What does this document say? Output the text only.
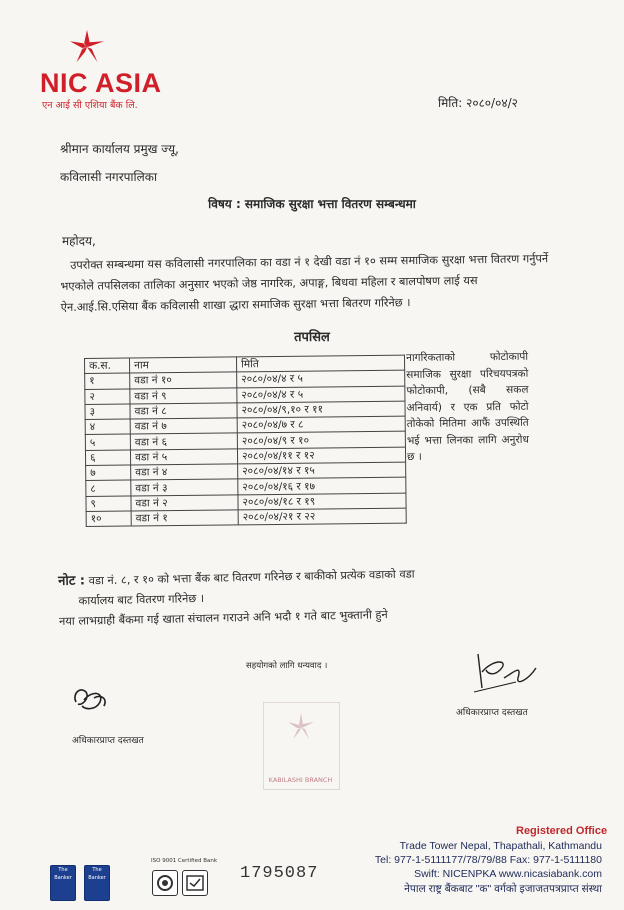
NIC ASIA
एन आई सी एशिया बैंक लि.	मिति: २०८०/०४/२
श्रीमान कार्यालय प्रमुख ज्यू,
कविलासी नगरपालिका
विषय : समाजिक सुरक्षा भत्ता वितरण सम्बन्धमा
महोदय,
उपरोक्त सम्बन्धमा यस कविलासी नगरपालिका का वडा नं १ देखी वडा नं १० सम्म समाजिक सुरक्षा भत्ता वितरण गर्नुपर्ने भएकोले तपसिलका तालिका अनुसार भएको जेष्ठ नागरिक, अपाङ्ग, बिधवा महिला र बालपोषण लाई यस ऐन.आई.सि.एसिया बैंक कविलासी शाखा द्धारा समाजिक सुरक्षा भत्ता बितरण गरिनेछ ।
तपसिल
क.स.	नाम	मिति
१	वडा नं १०	२०८०/०४/४ र ५
२	वडा नं ९	२०८०/०४/४ र ५
३	वडा नं ८	२०८०/०४/९,१० र ११
४	वडा नं ७	२०८०/०४/७ र ८
५	वडा नं ६	२०८०/०४/९ र १०
६	वडा नं ५	२०८०/०४/११ र १२
७	वडा नं ४	२०८०/०४/१४ र १५
८	वडा नं ३	२०८०/०४/१६ र १७
९	वडा नं २	२०८०/०४/१८ र १९
१०	वडा नं १	२०८०/०४/२१ र २२
नागरिकताको फोटोकापी समाजिक सुरक्षा परिचयपत्रको फोटोकापी, (सबै सकल अनिवार्य) र एक प्रति फोटो तोकेको मितिमा आफैं उपस्थिति भई भत्ता लिनका लागि अनुरोध छ ।
नोट : वडा नं. ८, र १० को भत्ता बैंक बाट वितरण गरिनेछ र बाकीको प्रत्येक वडाको वडा
कार्यालय बाट वितरण गरिनेछ ।
नया लाभग्राही बैंकमा गई खाता संचालन गराउने अनि भदौ १ गते बाट भुक्तानी हुने
सहयोगको लागि धन्यवाद ।
अधिकारप्राप्त दस्तखत
अधिकारप्राप्त दस्तखत
KABILASHI BRANCH
The Banker
The Banker
ISO 9001 Certified Bank
1795087
Registered Office
Trade Tower Nepal, Thapathali, Kathmandu
Tel: 977-1-5111177/78/79/88 Fax: 977-1-5111180
Swift: NICENPKA www.nicasiabank.com
नेपाल राष्ट्र बैंकबाट "क" वर्गको इजाजतपत्रप्राप्त संस्था
